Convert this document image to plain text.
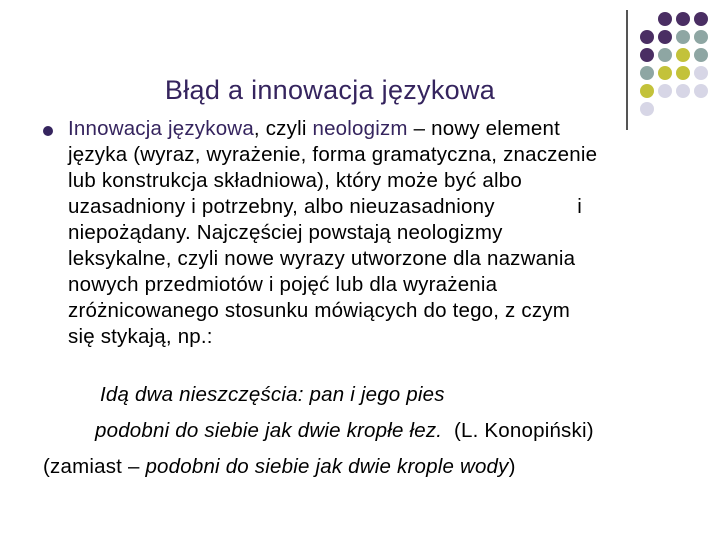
Błąd a innowacja językowa
Innowacja językowa, czyli neologizm – nowy element
języka (wyraz, wyrażenie, forma gramatyczna, znaczenie
lub konstrukcja składniowa), który może być albo
uzasadniony i potrzebny, albo nieuzasadniony              i
niepożądany. Najczęściej powstają neologizmy
leksykalne, czyli nowe wyrazy utworzone dla nazwania
nowych przedmiotów i pojęć lub dla wyrażenia
zróżnicowanego stosunku mówiących do tego, z czym
się stykają, np.:
Idą dwa nieszczęścia: pan i jego pies
podobni do siebie jak dwie kropłe łez.  (L. Konopiński)
(zamiast – podobni do siebie jak dwie krople wody)
